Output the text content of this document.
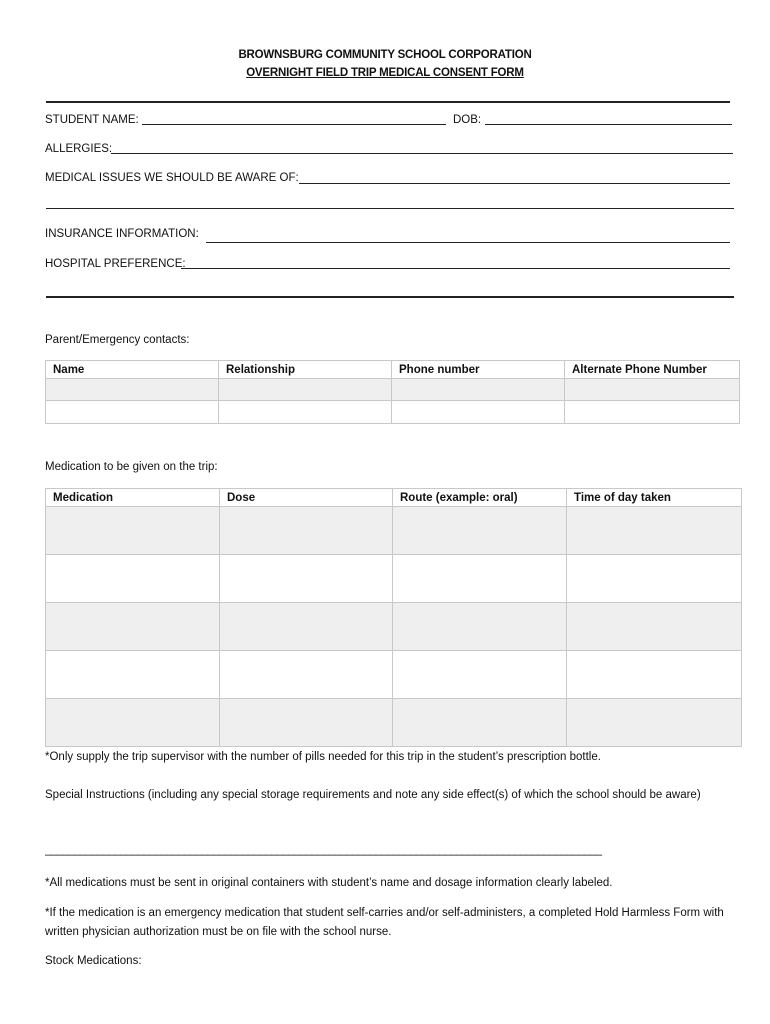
BROWNSBURG COMMUNITY SCHOOL CORPORATION
OVERNIGHT FIELD TRIP MEDICAL CONSENT FORM
STUDENT NAME:	DOB:
ALLERGIES:
MEDICAL ISSUES WE SHOULD BE AWARE OF:
INSURANCE INFORMATION:
HOSPITAL PREFERENCE:
Parent/Emergency contacts:
Name	Relationship	Phone number	Alternate Phone Number

Medication to be given on the trip:
Medication	Dose	Route (example: oral)	Time of day taken

*Only supply the trip supervisor with the number of pills needed for this trip in the student’s prescription bottle.
Special Instructions (including any special storage requirements and note any side effect(s) of which the school should be aware)
________________________________________________________________________________________________
*All medications must be sent in original containers with student’s name and dosage information clearly labeled.
*If the medication is an emergency medication that student self-carries and/or self-administers, a completed Hold Harmless Form with written physician authorization must be on file with the school nurse.
Stock Medications:
